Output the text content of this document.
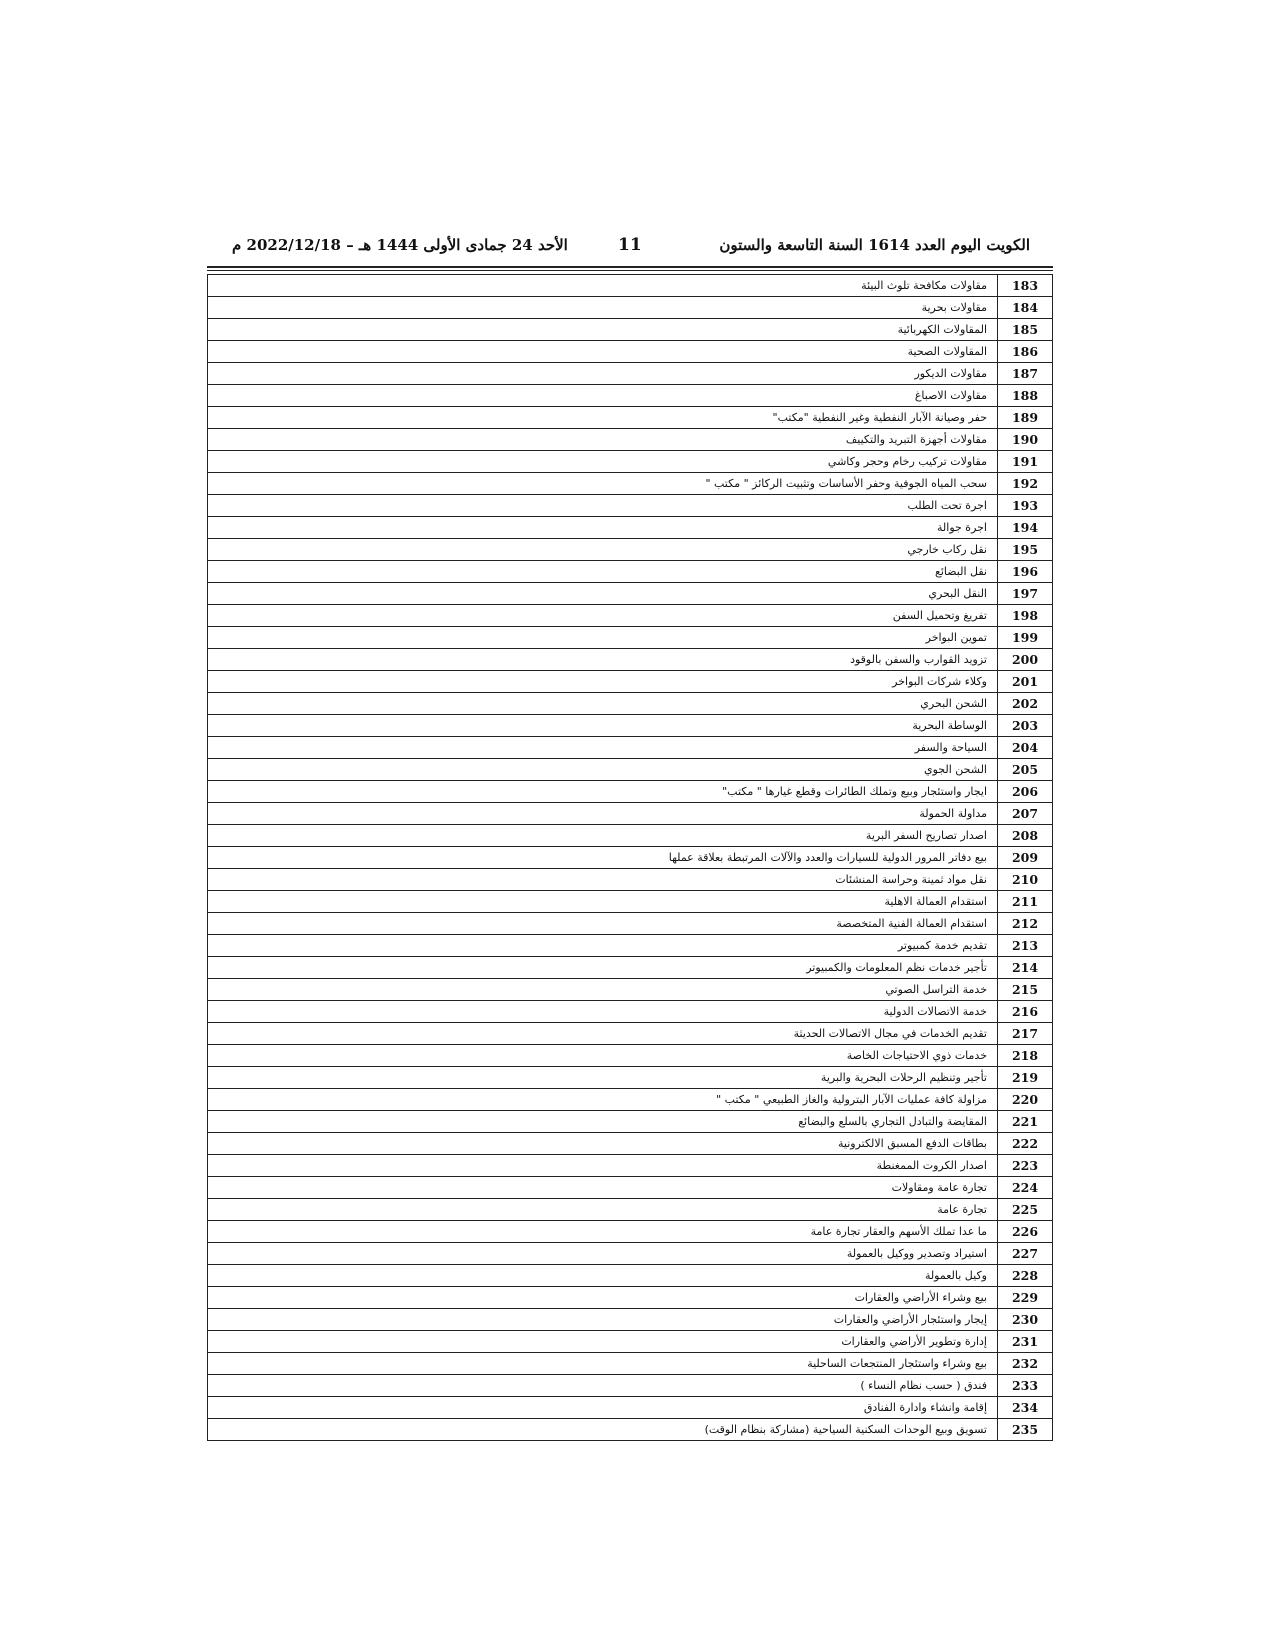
الكويت اليوم العدد 1614 السنة التاسعة والستون
11
الأحد 24 جمادى الأولى 1444 هـ – 2022/12/18 م
183
مقاولات مكافحة تلوث البيئة
184
مقاولات بحرية
185
المقاولات الكهربائية
186
المقاولات الصحية
187
مقاولات الديكور
188
مقاولات الاصباغ
189
حفر وصيانة الآبار النفطية وغير النفطية "مكتب"
190
مقاولات أجهزة التبريد والتكييف
191
مقاولات تركيب رخام وحجر وكاشي
192
سحب المياه الجوفية وحفر الأساسات وتثبيت الركائز " مكتب "
193
اجرة تحت الطلب
194
اجرة جوالة
195
نقل ركاب خارجي
196
نقل البضائع
197
النقل البحري
198
تفريغ وتحميل السفن
199
تموين البواخر
200
تزويد القوارب والسفن بالوقود
201
وكلاء شركات البواخر
202
الشحن البحري
203
الوساطة البحرية
204
السياحة والسفر
205
الشحن الجوي
206
ايجار واستئجار وبيع وتملك الطائرات وقطع غيارها " مكتب"
207
مداولة الحمولة
208
اصدار تصاريح السفر البرية
209
بيع دفاتر المرور الدولية للسيارات والعدد والآلات المرتبطة بعلاقة عملها
210
نقل مواد ثمينة وحراسة المنشئات
211
استقدام العمالة الاهلية
212
استقدام العمالة الفنية المتخصصة
213
تقديم خدمة كمبيوتر
214
تأجير خدمات نظم المعلومات والكمبيوتر
215
خدمة التراسل الصوتي
216
خدمة الاتصالات الدولية
217
تقديم الخدمات في مجال الاتصالات الحديثة
218
خدمات ذوي الاحتياجات الخاصة
219
تأجير وتنظيم الرحلات البحرية والبرية
220
مزاولة كافة عمليات الآبار البترولية والغاز الطبيعي " مكتب "
221
المقايضة والتبادل التجاري بالسلع والبضائع
222
بطاقات الدفع المسبق الالكترونية
223
اصدار الكروت الممغنطة
224
تجارة عامة ومقاولات
225
تجارة عامة
226
ما عدا تملك الأسهم والعقار تجارة عامة
227
استيراد وتصدير ووكيل بالعمولة
228
وكيل بالعمولة
229
بيع وشراء الأراضي والعقارات
230
إيجار واستئجار الأراضي والعقارات
231
إدارة وتطوير الأراضي والعقارات
232
بيع وشراء واستئجار المنتجعات الساحلية
233
فندق ( حسب نظام النساء )
234
إقامة وانشاء وادارة الفنادق
235
تسويق وبيع الوحدات السكنية السياحية (مشاركة بنظام الوقت)
